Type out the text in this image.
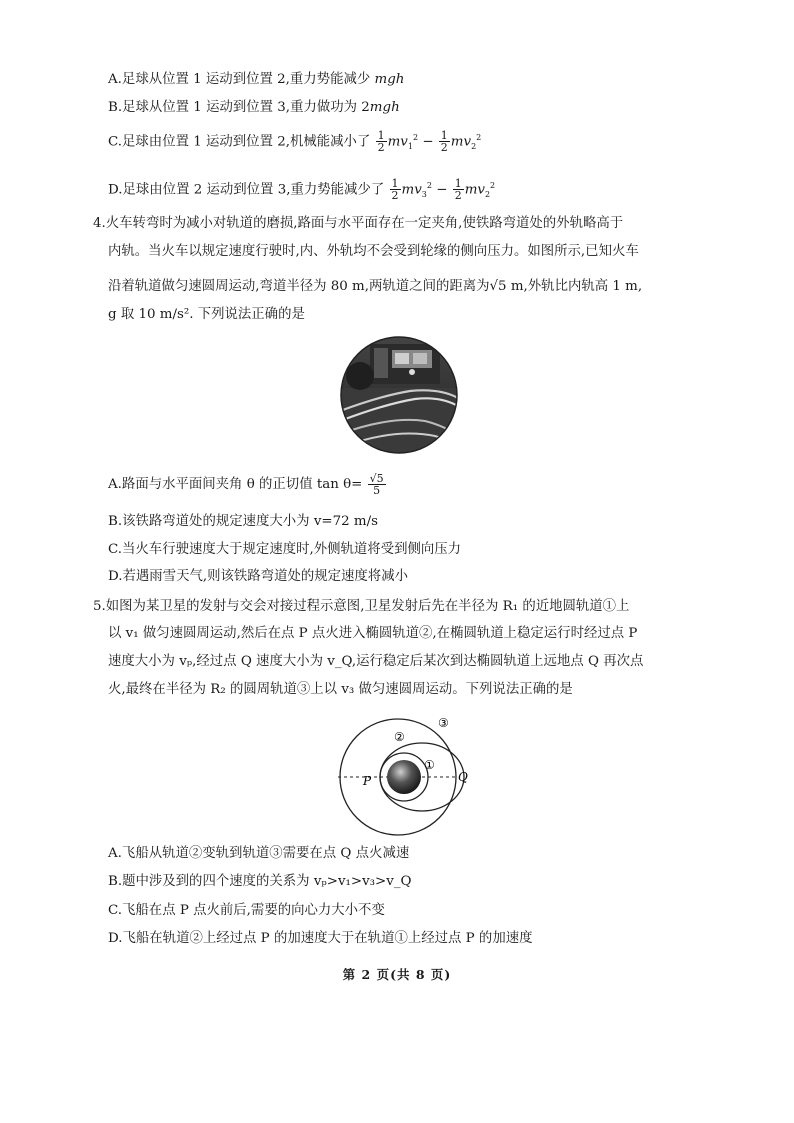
A.足球从位置 1 运动到位置 2,重力势能减少 mgh
B.足球从位置 1 运动到位置 3,重力做功为 2mgh
C.足球由位置 1 运动到位置 2,机械能减小了 $\frac{1}{2} mv_1^2 - \frac{1}{2} mv_2^2$
D.足球由位置 2 运动到位置 3,重力势能减少了 $\frac{1}{2} mv_3^2 - \frac{1}{2} mv_2^2$
4.火车转弯时为减小对轨道的磨损,路面与水平面存在一定夹角,使铁路弯道处的外轨略高于
内轨。当火车以规定速度行驶时,内、外轨均不会受到轮缘的侧向压力。如图所示,已知火车
沿着轨道做匀速圆周运动,弯道半径为 80 m,两轨道之间的距离为√5 m,外轨比内轨高 1 m,
g 取 10 m/s². 下列说法正确的是
A.路面与水平面间夹角 θ 的正切值 $\tan \theta= \frac{√5}{5}$
B.该铁路弯道处的规定速度大小为 v=72 m/s
C.当火车行驶速度大于规定速度时,外侧轨道将受到侧向压力
D.若遇雨雪天气,则该铁路弯道处的规定速度将减小
5.如图为某卫星的发射与交会对接过程示意图,卫星发射后先在半径为 R₁ 的近地圆轨道①上
以 v₁ 做匀速圆周运动,然后在点 P 点火进入椭圆轨道②,在椭圆轨道上稳定运行时经过点 P
速度大小为 vₚ,经过点 Q 速度大小为 v_Q,运行稳定后某次到达椭圆轨道上远地点 Q 再次点
火,最终在半径为 R₂ 的圆周轨道③上以 v₃ 做匀速圆周运动。下列说法正确的是
③
②
①
P	Q
A.飞船从轨道②变轨到轨道③需要在点 Q 点火减速
B.题中涉及到的四个速度的关系为 vₚ>v₁>v₃>v_Q
C.飞船在点 P 点火前后,需要的向心力大小不变
D.飞船在轨道②上经过点 P 的加速度大于在轨道①上经过点 P 的加速度
第 2 页(共 8 页)
